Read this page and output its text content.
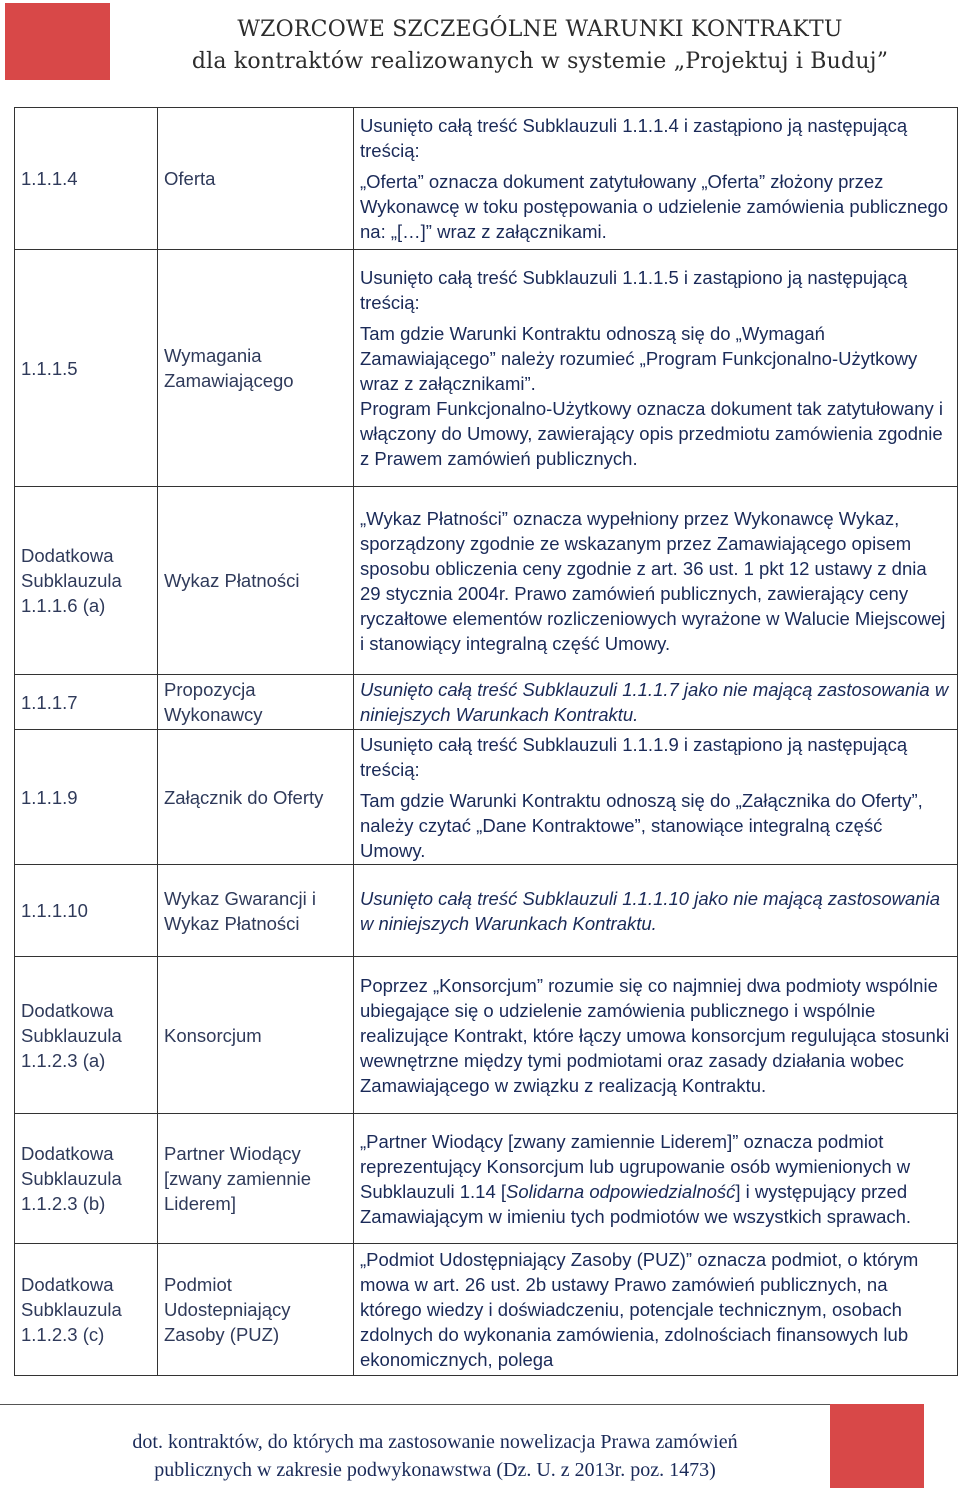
WZORCOWE SZCZEGÓLNE WARUNKI KONTRAKTU
dla kontraktów realizowanych w systemie „Projektuj i Buduj”
1.1.1.4	Oferta	Usunięto całą treść Subklauzuli 1.1.1.4 i zastąpiono ją następującą treścią:

„Oferta” oznacza dokument zatytułowany „Oferta” złożony przez Wykonawcę w toku postępowania o udzielenie zamówienia publicznego na: „[…]” wraz z załącznikami.

1.1.1.5	Wymagania Zamawiającego	Usunięto całą treść Subklauzuli 1.1.1.5 i zastąpiono ją następującą treścią:

Tam gdzie Warunki Kontraktu odnoszą się do „Wymagań Zamawiającego” należy rozumieć „Program Funkcjonalno-Użytkowy wraz z załącznikami”.
Program Funkcjonalno-Użytkowy oznacza dokument tak zatytułowany i włączony do Umowy, zawierający opis przedmiotu zamówienia zgodnie z Prawem zamówień publicznych.

Dodatkowa Subklauzula 1.1.1.6 (a)	Wykaz Płatności	„Wykaz Płatności” oznacza wypełniony przez Wykonawcę Wykaz, sporządzony zgodnie ze wskazanym przez Zamawiającego opisem sposobu obliczenia ceny zgodnie z art. 36 ust. 1 pkt 12 ustawy z dnia 29 stycznia 2004r. Prawo zamówień publicznych, zawierający ceny ryczałtowe elementów rozliczeniowych wyrażone w Walucie Miejscowej i stanowiący integralną część Umowy.

1.1.1.7	Propozycja Wykonawcy	Usunięto całą treść Subklauzuli 1.1.1.7 jako nie mającą zastosowania w niniejszych Warunkach Kontraktu.

1.1.1.9	Załącznik do Oferty	Usunięto całą treść Subklauzuli 1.1.1.9 i zastąpiono ją następującą treścią:

Tam gdzie Warunki Kontraktu odnoszą się do „Załącznika do Oferty”, należy czytać „Dane Kontraktowe”, stanowiące integralną część Umowy.

1.1.1.10	Wykaz Gwarancji i Wykaz Płatności	Usunięto całą treść Subklauzuli 1.1.1.10 jako nie mającą zastosowania w niniejszych Warunkach Kontraktu.

Dodatkowa Subklauzula 1.1.2.3 (a)	Konsorcjum	Poprzez „Konsorcjum” rozumie się co najmniej dwa podmioty wspólnie ubiegające się o udzielenie zamówienia publicznego i wspólnie realizujące Kontrakt, które łączy umowa konsorcjum regulująca stosunki wewnętrzne między tymi podmiotami oraz zasady działania wobec Zamawiającego w związku z realizacją Kontraktu.

Dodatkowa Subklauzula 1.1.2.3 (b)	Partner Wiodący [zwany zamiennie Liderem]	„Partner Wiodący [zwany zamiennie Liderem]” oznacza podmiot reprezentujący Konsorcjum lub ugrupowanie osób wymienionych w Subklauzuli 1.14 [Solidarna odpowiedzialność] i występujący przed Zamawiającym w imieniu tych podmiotów we wszystkich sprawach.

Dodatkowa Subklauzula 1.1.2.3 (c)	Podmiot Udostepniający Zasoby (PUZ)	„Podmiot Udostępniający Zasoby (PUZ)” oznacza podmiot, o którym mowa w art. 26 ust. 2b ustawy Prawo zamówień publicznych, na którego wiedzy i doświadczeniu, potencjale technicznym, osobach zdolnych do wykonania zamówienia, zdolnościach finansowych lub ekonomicznych, polega

dot. kontraktów, do których ma zastosowanie nowelizacja Prawa zamówień
publicznych w zakresie podwykonawstwa (Dz. U. z 2013r. poz. 1473)
